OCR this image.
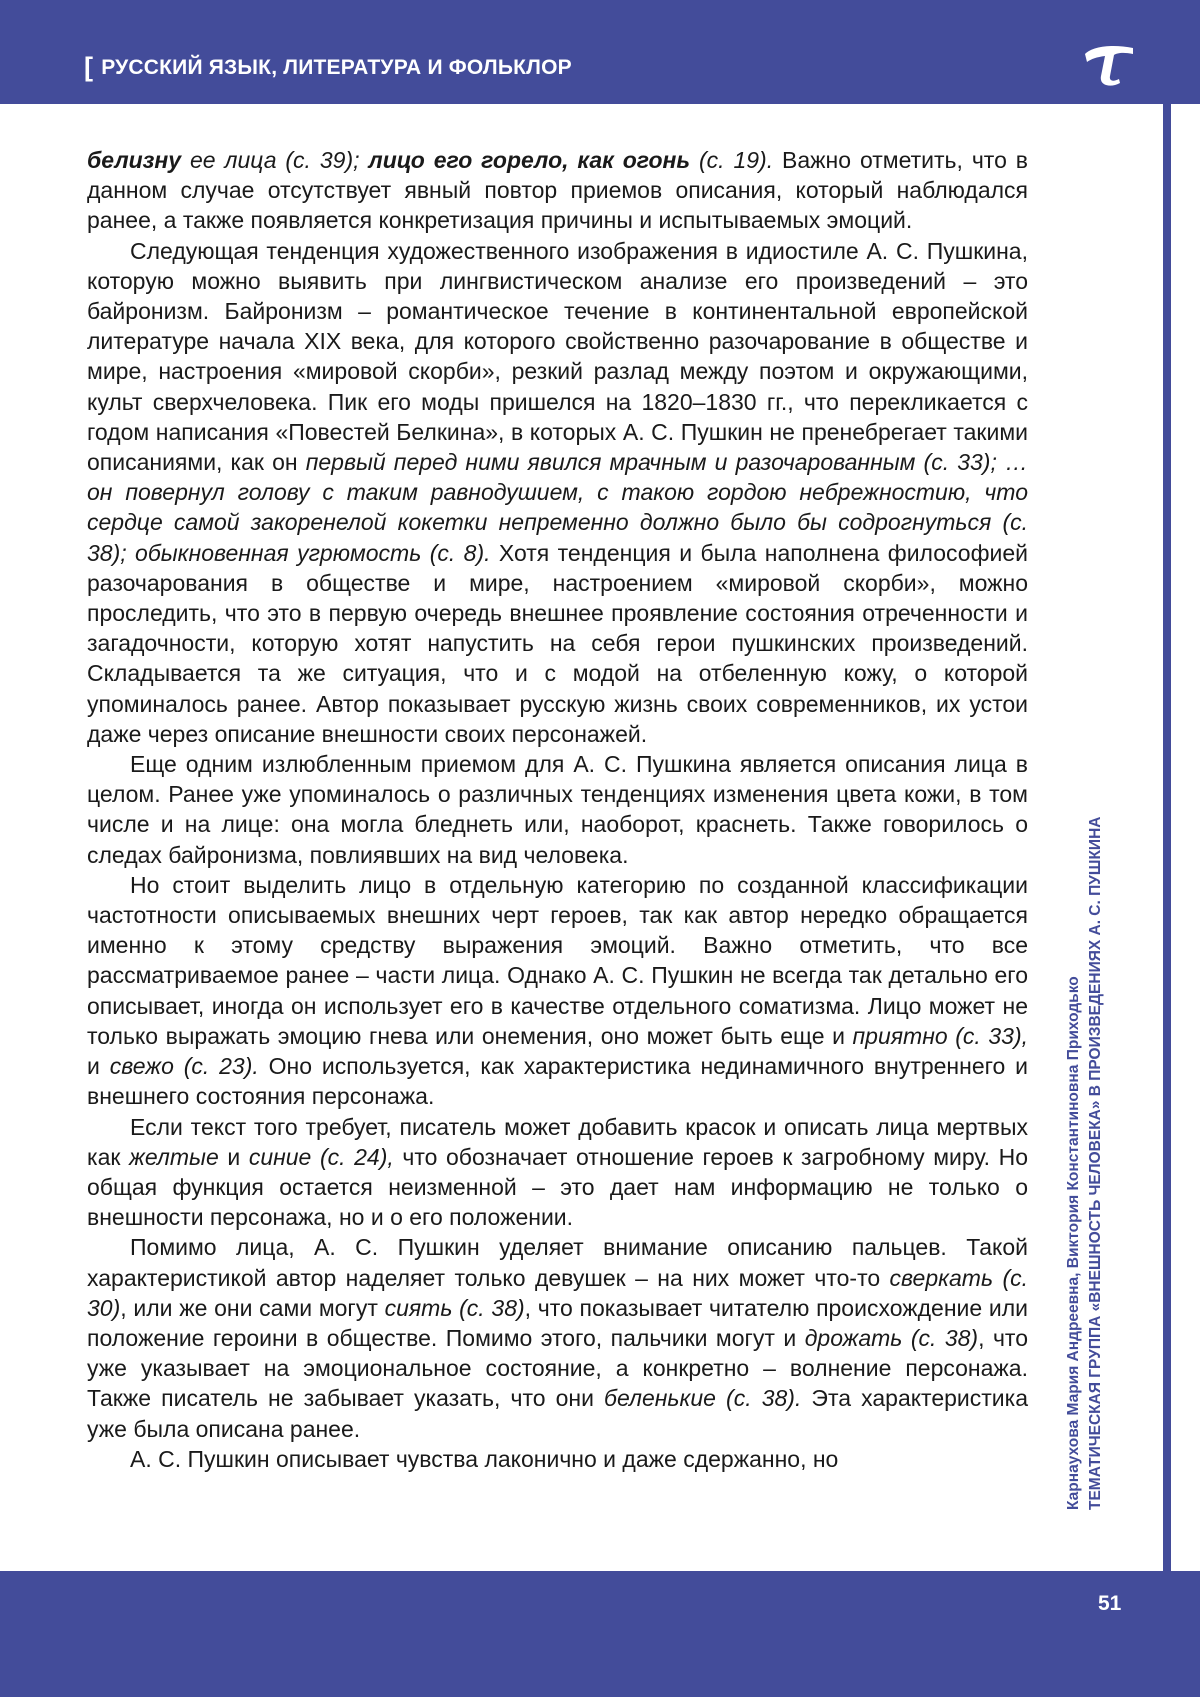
[ РУССКИЙ ЯЗЫК, ЛИТЕРАТУРА И ФОЛЬКЛОР
Карнаухова Мария Андреевна, Виктория Константиновна Приходько ТЕМАТИЧЕСКАЯ ГРУППА «ВНЕШНОСТЬ ЧЕЛОВЕКА» В ПРОИЗВЕДЕНИЯХ А. С. ПУШКИНА

белизну ее лица (с. 39); лицо его горело, как огонь (с. 19). Важно отметить, что в данном случае отсутствует явный повтор приемов описания, который наблюдался ранее, а также появляется конкретизация причины и испытываемых эмоций.

Следующая тенденция художественного изображения в идиостиле А. С. Пушкина, которую можно выявить при лингвистическом анализе его произведений – это байронизм. Байронизм – романтическое течение в континентальной европейской литературе начала XIX века, для которого свойственно разочарование в обществе и мире, настроения «мировой скорби», резкий разлад между поэтом и окружающими, культ сверхчеловека. Пик его моды пришелся на 1820–1830 гг., что перекликается с годом написания «Повестей Белкина», в которых А. С. Пушкин не пренебрегает такими описаниями, как он первый перед ними явился мрачным и разочарованным (с. 33); …он повернул голову с таким равнодушием, с такою гордою небрежностию, что сердце самой закоренелой кокетки непременно должно было бы содрогнуться (с. 38); обыкновенная угрюмость (с. 8). Хотя тенденция и была наполнена философией разочарования в обществе и мире, настроением «мировой скорби», можно проследить, что это в первую очередь внешнее проявление состояния отреченности и загадочности, которую хотят напустить на себя герои пушкинских произведений. Складывается та же ситуация, что и с модой на отбеленную кожу, о которой упоминалось ранее. Автор показывает русскую жизнь своих современников, их устои даже через описание внешности своих персонажей.

Еще одним излюбленным приемом для А. С. Пушкина является описания лица в целом. Ранее уже упоминалось о различных тенденциях изменения цвета кожи, в том числе и на лице: она могла бледнеть или, наоборот, краснеть. Также говорилось о следах байронизма, повлиявших на вид человека.

Но стоит выделить лицо в отдельную категорию по созданной классификации частотности описываемых внешних черт героев, так как автор нередко обращается именно к этому средству выражения эмоций. Важно отметить, что все рассматриваемое ранее – части лица. Однако А. С. Пушкин не всегда так детально его описывает, иногда он использует его в качестве отдельного соматизма. Лицо может не только выражать эмоцию гнева или онемения, оно может быть еще и приятно (с. 33), и свежо (с. 23). Оно используется, как характеристика нединамичного внутреннего и внешнего состояния персонажа.

Если текст того требует, писатель может добавить красок и описать лица мертвых как желтые и синие (с. 24), что обозначает отношение героев к загробному миру. Но общая функция остается неизменной – это дает нам информацию не только о внешности персонажа, но и о его положении.

Помимо лица, А. С. Пушкин уделяет внимание описанию пальцев. Такой характеристикой автор наделяет только девушек – на них может что-то сверкать (с. 30), или же они сами могут сиять (с. 38), что показывает читателю происхождение или положение героини в обществе. Помимо этого, пальчики могут и дрожать (с. 38), что уже указывает на эмоциональное состояние, а конкретно – волнение персонажа. Также писатель не забывает указать, что они беленькие (с. 38). Эта характеристика уже была описана ранее.

А. С. Пушкин описывает чувства лаконично и даже сдержанно, но

51
